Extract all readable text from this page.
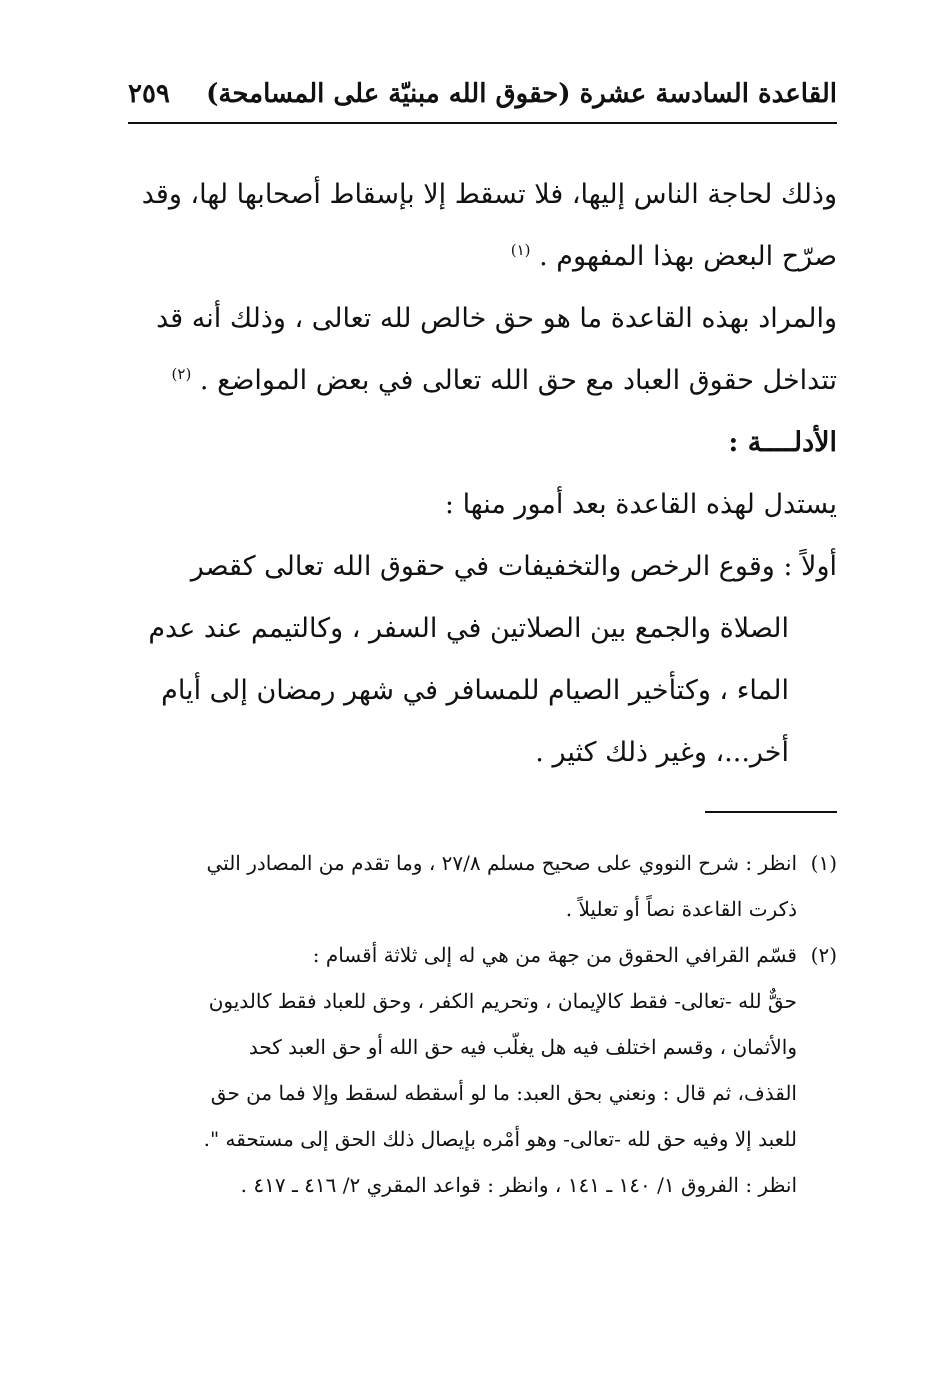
القاعدة السادسة عشرة (حقوق الله مبنيّة على المسامحة)
٢٥٩
وذلك لحاجة الناس إليها، فلا تسقط إلا بإسقاط أصحابها لها، وقد
صرّح البعض بهذا المفهوم . $^{(١)}$
والمراد بهذه القاعدة ما هو حق خالص لله تعالى ، وذلك أنه قد
تتداخل حقوق العباد مع حق الله تعالى في بعض المواضع . $^{(٢)}$
الأدلــــة :
يستدل لهذه القاعدة بعد أمور منها :
أولاً : وقوع الرخص والتخفيفات في حقوق الله تعالى كقصر
الصلاة والجمع بين الصلاتين في السفر ، وكالتيمم عند عدم
الماء ، وكتأخير الصيام للمسافر في شهر رمضان إلى أيام
أخر...، وغير ذلك كثير .
(١)انظر : شرح النووي على صحيح مسلم ٢٧/٨ ، وما تقدم من المصادر التي
ذكرت القاعدة نصاً أو تعليلاً .
(٢)قسّم القرافي الحقوق من جهة من هي له إلى ثلاثة أقسام :
حقٌّ لله -تعالى- فقط كالإيمان ، وتحريم الكفر ، وحق للعباد فقط كالديون
والأثمان ، وقسم اختلف فيه هل يغلّب فيه حق الله أو حق العبد كحد
القذف، ثم قال : ونعني بحق العبد: ما لو أسقطه لسقط وإلا فما من حق
للعبد إلا وفيه حق لله -تعالى- وهو أمْره بإيصال ذلك الحق إلى مستحقه ".
انظر : الفروق ١/ ١٤٠ ـ ١٤١ ، وانظر : قواعد المقري ٢/ ٤١٦ ـ ٤١٧ .
